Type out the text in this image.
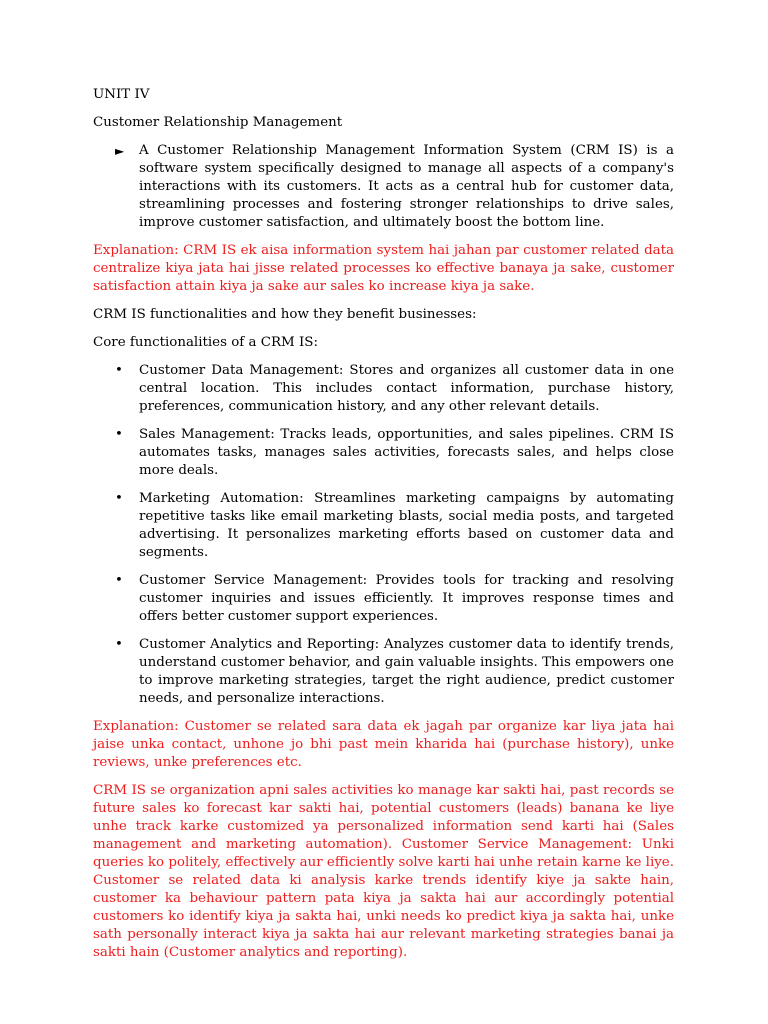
UNIT IV

Customer Relationship Management

►	A Customer Relationship Management Information System (CRM IS) is a software system specifically designed to manage all aspects of a company's interactions with its customers. It acts as a central hub for customer data, streamlining processes and fostering stronger relationships to drive sales, improve customer satisfaction, and ultimately boost the bottom line.

Explanation: CRM IS ek aisa information system hai jahan par customer related data centralize kiya jata hai jisse related processes ko effective banaya ja sake, customer satisfaction attain kiya ja sake aur sales ko increase kiya ja sake.

CRM IS functionalities and how they benefit businesses:

Core functionalities of a CRM IS:

•	Customer Data Management: Stores and organizes all customer data in one central location. This includes contact information, purchase history, preferences, communication history, and any other relevant details.
•	Sales Management: Tracks leads, opportunities, and sales pipelines. CRM IS automates tasks, manages sales activities, forecasts sales, and helps close more deals.
•	Marketing Automation: Streamlines marketing campaigns by automating repetitive tasks like email marketing blasts, social media posts, and targeted advertising. It personalizes marketing efforts based on customer data and segments.
•	Customer Service Management: Provides tools for tracking and resolving customer inquiries and issues efficiently. It improves response times and offers better customer support experiences.
•	Customer Analytics and Reporting: Analyzes customer data to identify trends, understand customer behavior, and gain valuable insights. This empowers one to improve marketing strategies, target the right audience, predict customer needs, and personalize interactions.

Explanation: Customer se related sara data ek jagah par organize kar liya jata hai jaise unka contact, unhone jo bhi past mein kharida hai (purchase history), unke reviews, unke preferences etc.

CRM IS se organization apni sales activities ko manage kar sakti hai, past records se future sales ko forecast kar sakti hai, potential customers (leads) banana ke liye unhe track karke customized ya personalized information send karti hai (Sales management and marketing automation). Customer Service Management: Unki queries ko politely, effectively aur efficiently solve karti hai unhe retain karne ke liye. Customer se related data ki analysis karke trends identify kiye ja sakte hain, customer ka behaviour pattern pata kiya ja sakta hai aur accordingly potential customers ko identify kiya ja sakta hai, unki needs ko predict kiya ja sakta hai, unke sath personally interact kiya ja sakta hai aur relevant marketing strategies banai ja sakti hain (Customer analytics and reporting).
